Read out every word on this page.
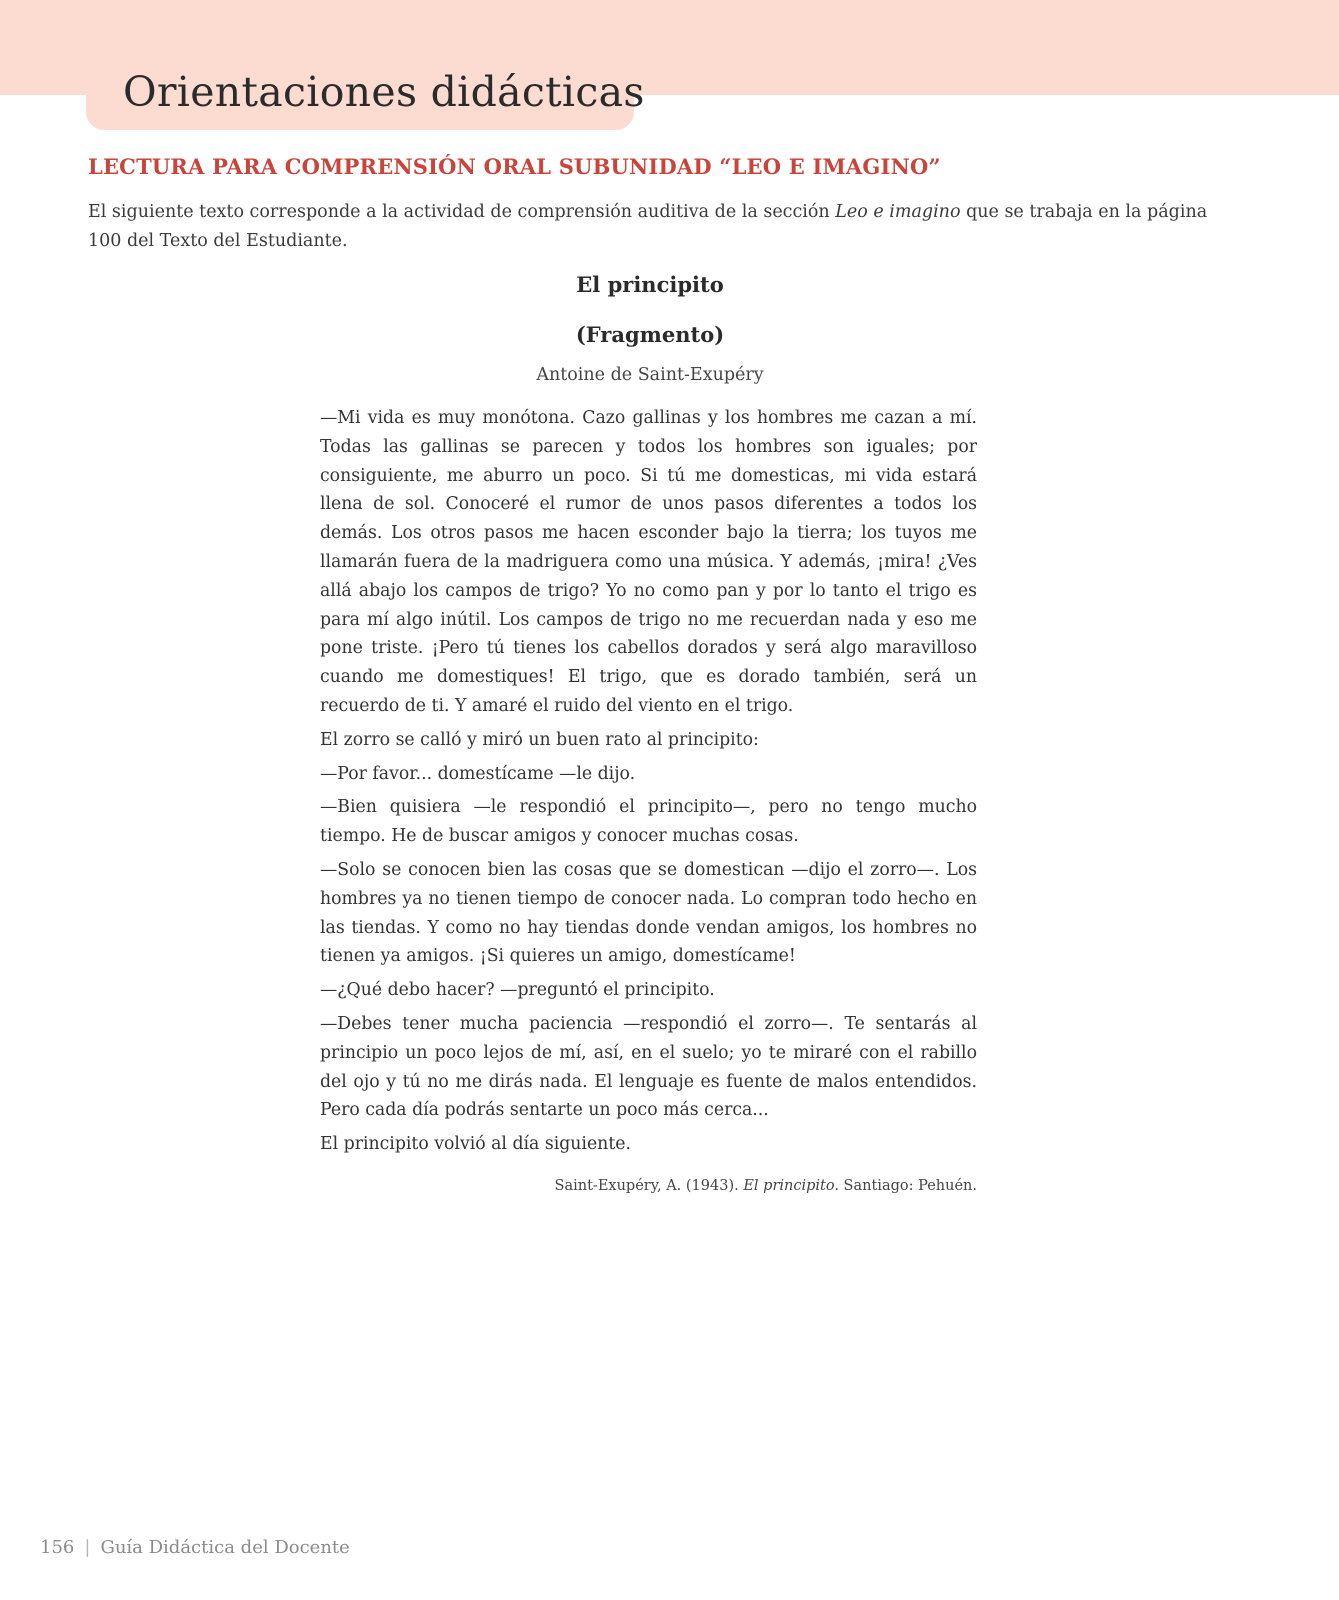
Orientaciones didácticas
LECTURA PARA COMPRENSIÓN ORAL SUBUNIDAD “LEO E IMAGINO”

El siguiente texto corresponde a la actividad de comprensión auditiva de la sección Leo e imagino que se trabaja en la página 100 del Texto del Estudiante.

El principito
(Fragmento)
Antoine de Saint-Exupéry

—Mi vida es muy monótona. Cazo gallinas y los hombres me cazan a mí. Todas las gallinas se parecen y todos los hombres son iguales; por consiguiente, me aburro un poco. Si tú me domesticas, mi vida estará llena de sol. Conoceré el rumor de unos pasos diferentes a todos los demás. Los otros pasos me hacen esconder bajo la tierra; los tuyos me llamarán fuera de la madriguera como una música. Y además, ¡mira! ¿Ves allá abajo los campos de trigo? Yo no como pan y por lo tanto el trigo es para mí algo inútil. Los campos de trigo no me recuerdan nada y eso me pone triste. ¡Pero tú tienes los cabellos dorados y será algo maravilloso cuando me domestiques! El trigo, que es dorado también, será un recuerdo de ti. Y amaré el ruido del viento en el trigo.

El zorro se calló y miró un buen rato al principito:

—Por favor... domestícame —le dijo.

—Bien quisiera —le respondió el principito—, pero no tengo mucho tiempo. He de buscar amigos y conocer muchas cosas.

—Solo se conocen bien las cosas que se domestican —dijo el zorro—. Los hombres ya no tienen tiempo de conocer nada. Lo compran todo hecho en las tiendas. Y como no hay tiendas donde vendan amigos, los hombres no tienen ya amigos. ¡Si quieres un amigo, domestícame!

—¿Qué debo hacer? —preguntó el principito.

—Debes tener mucha paciencia —respondió el zorro—. Te sentarás al principio un poco lejos de mí, así, en el suelo; yo te miraré con el rabillo del ojo y tú no me dirás nada. El lenguaje es fuente de malos entendidos. Pero cada día podrás sentarte un poco más cerca...

El principito volvió al día siguiente.

Saint-Exupéry, A. (1943). El principito. Santiago: Pehuén.
156 | Guía Didáctica del Docente
